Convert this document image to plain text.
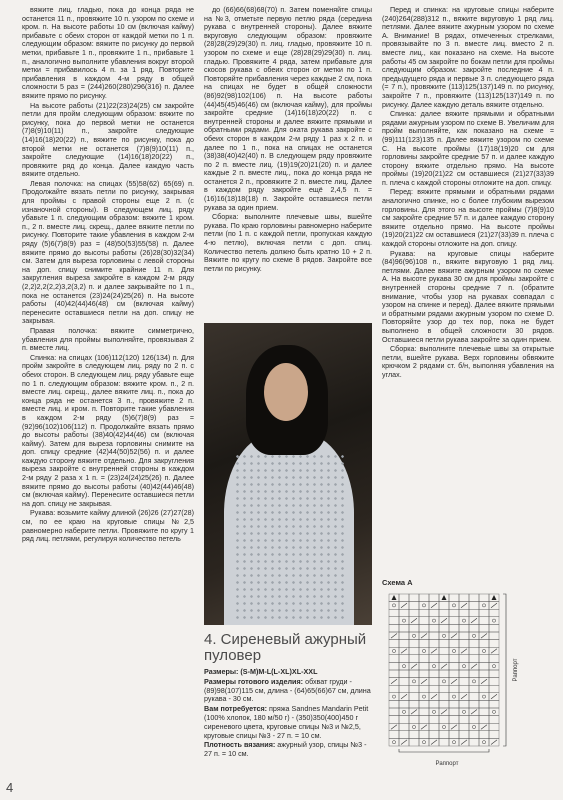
вяжите лиц. гладью, пока до конца ряда не останется 11 п., провяжите 10 п. узором по схеме и кром. п. На высоте работы 10 см (включая кайму) прибавьте с обеих сторон от каждой метки по 1 п. следующим образом: вяжите по рисунку до первой метки, прибавьте 1 п., провяжите 1 п., прибавьте 1 п., аналогично выполните убавления вокруг второй метки = прибавилось 4 п. за 1 ряд. Повторите прибавления в каждом 4-м ряду в общей сложности 5 раз = (244)260(280)296(316) п. Далее вяжите прямо по рисунку.

На высоте работы (21)22(23)24(25) см закройте петли для пройм следующим образом: вяжите по рисунку, пока до первой метки не останется (7)8(9)10(11) п., закройте следующие (14)16(18)20(22) п., вяжите по рисунку, пока до второй метки не останется (7)8(9)10(11) п., закройте следующие (14)16(18)20(22) п., провяжите ряд до конца. Далее каждую часть вяжите отдельно.

Левая полочка: на спицах (55)58(62) 65(69) п. Продолжайте вязать петли по рисунку, закрывая для проймы с правой стороны еще 2 п. (с изнаночной стороны). В следующем лиц. ряду убавьте 1 п. следующим образом: вяжите 1 кром. п., 2 п. вместе лиц. скрещ., далее вяжите петли по рисунку. Повторите такие убавления в каждом 2-м ряду (5)6(7)8(9) раз = (48)50(53)55(58) п. Далее вяжите прямо до высоты работы (26)28(30)32(34) см. Затем для выреза горловины с левой стороны на доп. спицу снимите крайние 11 п. Для закругления выреза закройте в каждом 2-м ряду (2,2)2,2(2,2)3,2(3,2) п. и далее закрывайте по 1 п., пока не останется (23)24(24)25(26) п. На высоте работы (40)42(44)46(48) см (включая кайму) перенесите оставшиеся петли на доп. спицу не закрывая.

Правая полочка: вяжите симметрично, убавления для проймы выполняйте, провязывая 2 п. вместе лиц.

Спинка: на спицах (106)112(120) 126(134) п. Для пройм закройте в следующем лиц. ряду по 2 п. с обеих сторон. В следующем лиц. ряду убавьте еще по 1 п. следующим образом: вяжите кром. п., 2 п. вместе лиц. скрещ., далее вяжите лиц. п., пока до конца ряда не останется 3 п., провяжите 2 п. вместе лиц. и кром. п. Повторите такие убавления в каждом 2-м ряду (5)6(7)8(9) раз = (92)96(102)106(112) п. Продолжайте вязать прямо до высоты работы (38)40(42)44(46) см (включая кайму). Затем для выреза горловины снимите на доп. спицу средние (42)44(50)52(56) п. и далее каждую сторону вяжите отдельно. Для закругления выреза закройте с внутренней стороны в каждом 2-м ряду 2 раза х 1 п. = (23)24(24)25(26) п. Далее вяжите прямо до высоты работы (40)42(44)46(48) см (включая кайму). Перенесите оставшиеся петли на доп. спицу не закрывая.

Рукава: возьмите кайму длиной (26)26 (27)27(28) см, по ее краю на круговые спицы №2,5 равномерно наберите петли. Провяжите по кругу 1 ряд лиц. петлями, регулируя количество петель

до (66)66(68)68(70) п. Затем поменяйте спицы на №3, отметьте первую петлю ряда (середина рукава с внутренней стороны). Далее вяжите вкруговую следующим образом: провяжите (28)28(29)29(30) п. лиц. гладью, провяжите 10 п. узором по схеме и еще (28)28(29)29(30) п. лиц. гладью. Провяжите 4 ряда, затем прибавьте для скосов рукава с обеих сторон от метки по 1 п. Повторяйте прибавления через каждые 2 см, пока на спицах не будет в общей сложности (86)92(98)102(106) п. На высоте работы (44)45(45)46(46) см (включая кайму), для проймы закройте средние (14)16(18)20(22) п. с внутренней стороны и далее вяжите прямыми и обратными рядами. Для оката рукава закройте с обеих сторон в каждом 2-м ряду 1 раз х 2 п. и далее по 1 п., пока на спицах не останется (38)38(40)42(40) п. В следующем ряду провяжите по 2 п. вместе лиц. (19)19(20)21(20) п. и далее каждые 2 п. вместе лиц., пока до конца ряда не останется 2 п., провяжите 2 п. вместе лиц. Далее в каждом ряду закройте ещё 2,4,5 п. = (16)16(18)18(18) п. Закройте оставшиеся петли рукава за один прием.

Сборка: выполните плечевые швы, вшейте рукава. По краю горловины равномерно наберите петли (по 1 п. с каждой петли, пропуская каждую 4-ю петлю), включая петли с доп. спиц. Количество петель должно быть кратно 10 + 2 п. Вяжите по кругу по схеме 8 рядов. Закройте все петли по рисунку.

4. Сиреневый ажурный пуловер

Размеры: (S-M)M-L(L-XL)XL-XXL

Размеры готового изделия: обхват груди - (89)98(107)115 см, длина - (64)65(66)67 см, длина рукава - 30 см.

Вам потребуется: пряжа Sandnes Mandarin Petit (100% хлопок, 180 м/50 г) - (350)350(400)450 г сиреневого цвета, круговые спицы №3 и №2,5, круговые спицы №3 - 27 п. = 10 см.

Плотность вязания: ажурный узор, спицы №3 - 27 п. = 10 см.

Перед и спинка: на круговые спицы наберите (240)264(288)312 п., вяжите вкруговую 1 ряд лиц. петлями. Далее вяжите ажурным узором по схеме А. Внимание! В рядах, отмеченных стрелками, провязывайте по 3 п. вместе лиц. вместо 2 п. вместе лиц., как показано на схеме. На высоте работы 45 см закройте по бокам петли для проймы следующим образом: закройте последние 4 п. предыдущего ряда и первые 3 п. следующего ряда (= 7 п.), провяжите (113)125(137)149 п. по рисунку, закройте 7 п., провяжите (113)125(137)149 п. по рисунку. Далее каждую деталь вяжите отдельно.

Спинка: далее вяжите прямыми и обратными рядами ажурным узором по схеме В. Увеличим для пройм выполняйте, как показано на схеме = (99)111(123)135 п. Далее вяжите узором по схеме С. На высоте проймы (17)18(19)20 см для горловины закройте средние 57 п. и далее каждую сторону вяжите отдельно прямо. На высоте проймы (19)20(21)22 см оставшиеся (21)27(33)39 п. плеча с каждой стороны отложите на доп. спицу.

Перед: вяжите прямыми и обратными рядами аналогично спинке, но с более глубоким вырезом горловины. Для этого на высоте проймы (7)8(9)10 см закройте средние 57 п. и далее каждую сторону вяжите отдельно прямо. На высоте проймы (19)20(21)22 см оставшиеся (21)27(33)39 п. плеча с каждой стороны отложите на доп. спицу.

Рукава: на круговые спицы наберите (84)96(96)108 п., вяжите вкруговую 1 ряд лиц. петлями. Далее вяжите ажурным узором по схеме А. На высоте рукава 30 см для проймы закройте с внутренней стороны средние 7 п. (обратите внимание, чтобы узор на рукавах совпадал с узором на спинке и перед). Далее вяжите прямыми и обратными рядами ажурным узором по схеме D. Повторяйте узор до тех пор, пока не будет выполнено в общей сложности 30 рядов. Оставшиеся петли рукава закройте за один прием.

Сборка: выполните плечевые швы за открытые петли, вшейте рукава. Верх горловины обвяжите крючком 2 рядами ст. б/н, выполняя убавления на углах.

Схема А
Раппорт
Раппорт
4
